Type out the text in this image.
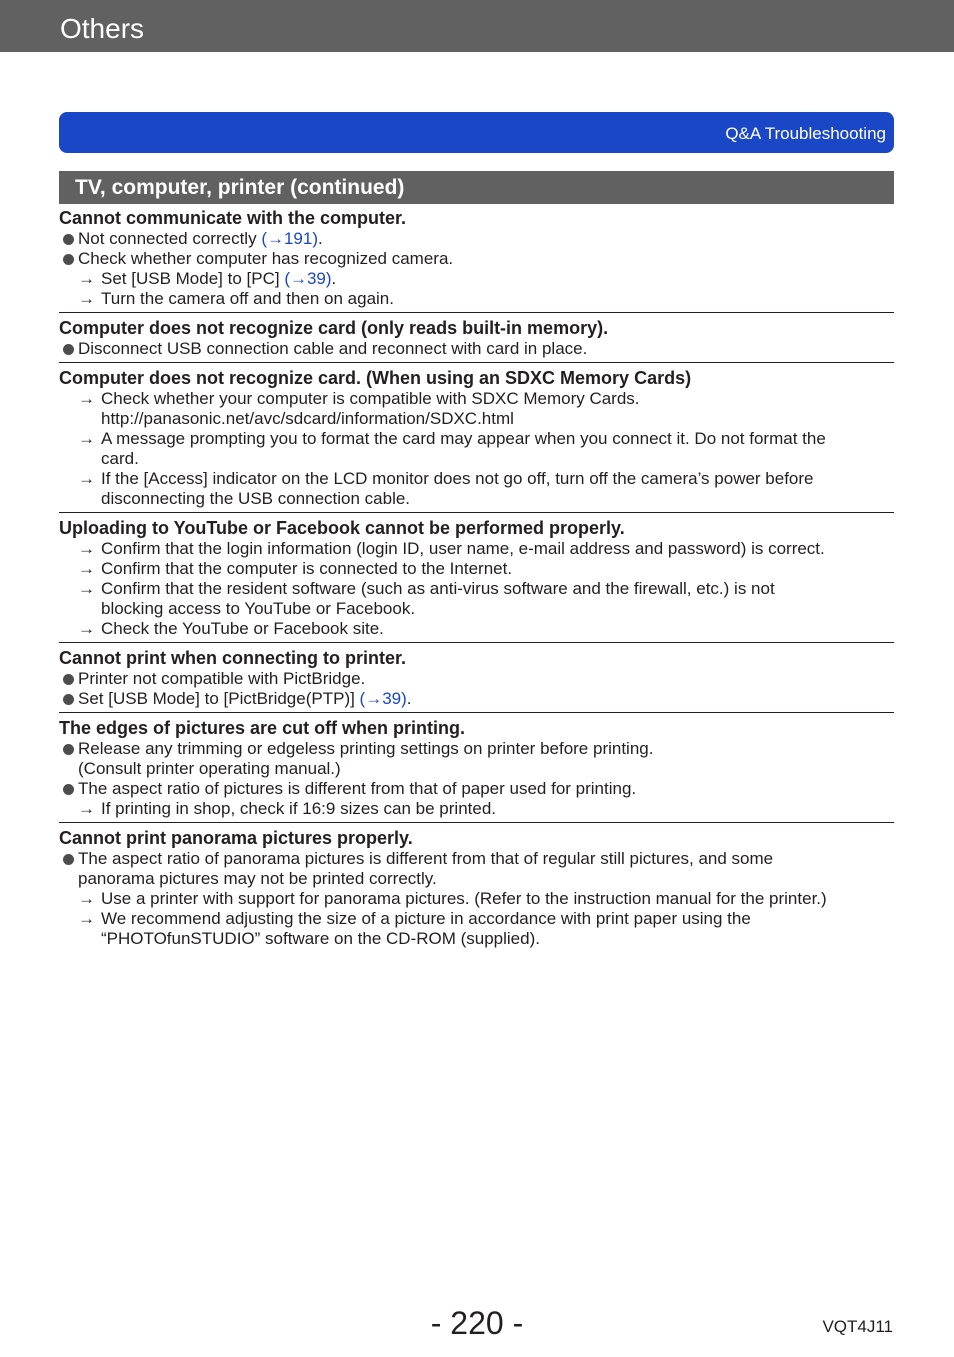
Others
Q&A Troubleshooting
TV, computer, printer (continued)

Cannot communicate with the computer.

Not connected correctly (→191).
Check whether computer has recognized camera.
→ Set [USB Mode] to [PC] (→39).
→ Turn the camera off and then on again.

Computer does not recognize card (only reads built-in memory).

Disconnect USB connection cable and reconnect with card in place.

Computer does not recognize card. (When using an SDXC Memory Cards)

→ Check whether your computer is compatible with SDXC Memory Cards.
http://panasonic.net/avc/sdcard/information/SDXC.html
→ A message prompting you to format the card may appear when you connect it. Do not format the
card.
→ If the [Access] indicator on the LCD monitor does not go off, turn off the camera’s power before
disconnecting the USB connection cable.

Uploading to YouTube or Facebook cannot be performed properly.

→ Confirm that the login information (login ID, user name, e-mail address and password) is correct.
→ Confirm that the computer is connected to the Internet.
→ Confirm that the resident software (such as anti-virus software and the firewall, etc.) is not
blocking access to YouTube or Facebook.
→ Check the YouTube or Facebook site.

Cannot print when connecting to printer.

Printer not compatible with PictBridge.
Set [USB Mode] to [PictBridge(PTP)] (→39).

The edges of pictures are cut off when printing.

Release any trimming or edgeless printing settings on printer before printing.
(Consult printer operating manual.)
The aspect ratio of pictures is different from that of paper used for printing.
→ If printing in shop, check if 16:9 sizes can be printed.

Cannot print panorama pictures properly.

The aspect ratio of panorama pictures is different from that of regular still pictures, and some
panorama pictures may not be printed correctly.
→ Use a printer with support for panorama pictures. (Refer to the instruction manual for the printer.)
→ We recommend adjusting the size of a picture in accordance with print paper using the
“PHOTOfunSTUDIO” software on the CD-ROM (supplied).
- 220 -	VQT4J11
